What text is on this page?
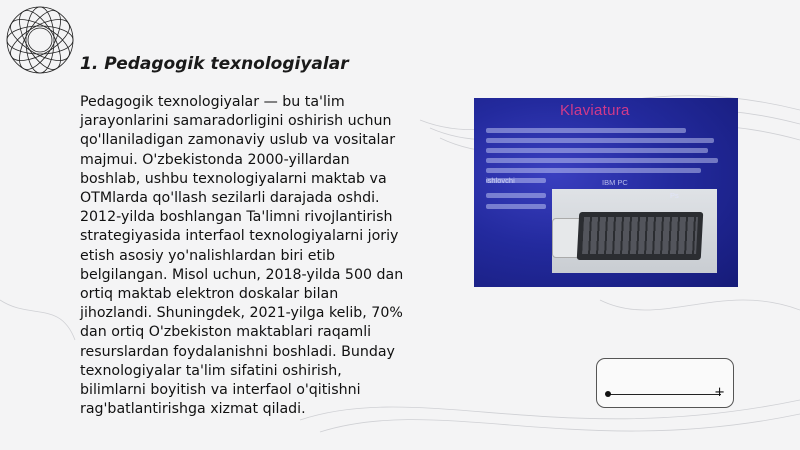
1. Pedagogik texnologiyalar
Pedagogik texnologiyalar — bu ta'lim
jarayonlarini samaradorligini oshirish uchun
qo'llaniladigan zamonaviy uslub va vositalar
majmui. O'zbekistonda 2000-yillardan
boshlab, ushbu texnologiyalarni maktab va
OTMlarda qo'llash sezilarli darajada oshdi.
2012-yilda boshlangan Ta'limni rivojlantirish
strategiyasida interfaol texnologiyalarni joriy
etish asosiy yo'nalishlardan biri etib
belgilangan. Misol uchun, 2018-yilda 500 dan
ortiq maktab elektron doskalar bilan
jihozlandi. Shuningdek, 2021-yilga kelib, 70%
dan ortiq O'zbekiston maktablari raqamli
resurslardan foydalanishni boshladi. Bunday
texnologiyalar ta'lim sifatini oshirish,
bilimlarni boyitish va interfaol o'qitishni
rag'batlantirishga xizmat qiladi.
Klaviatura
ishlovchi	IBM PC
Ps
+
